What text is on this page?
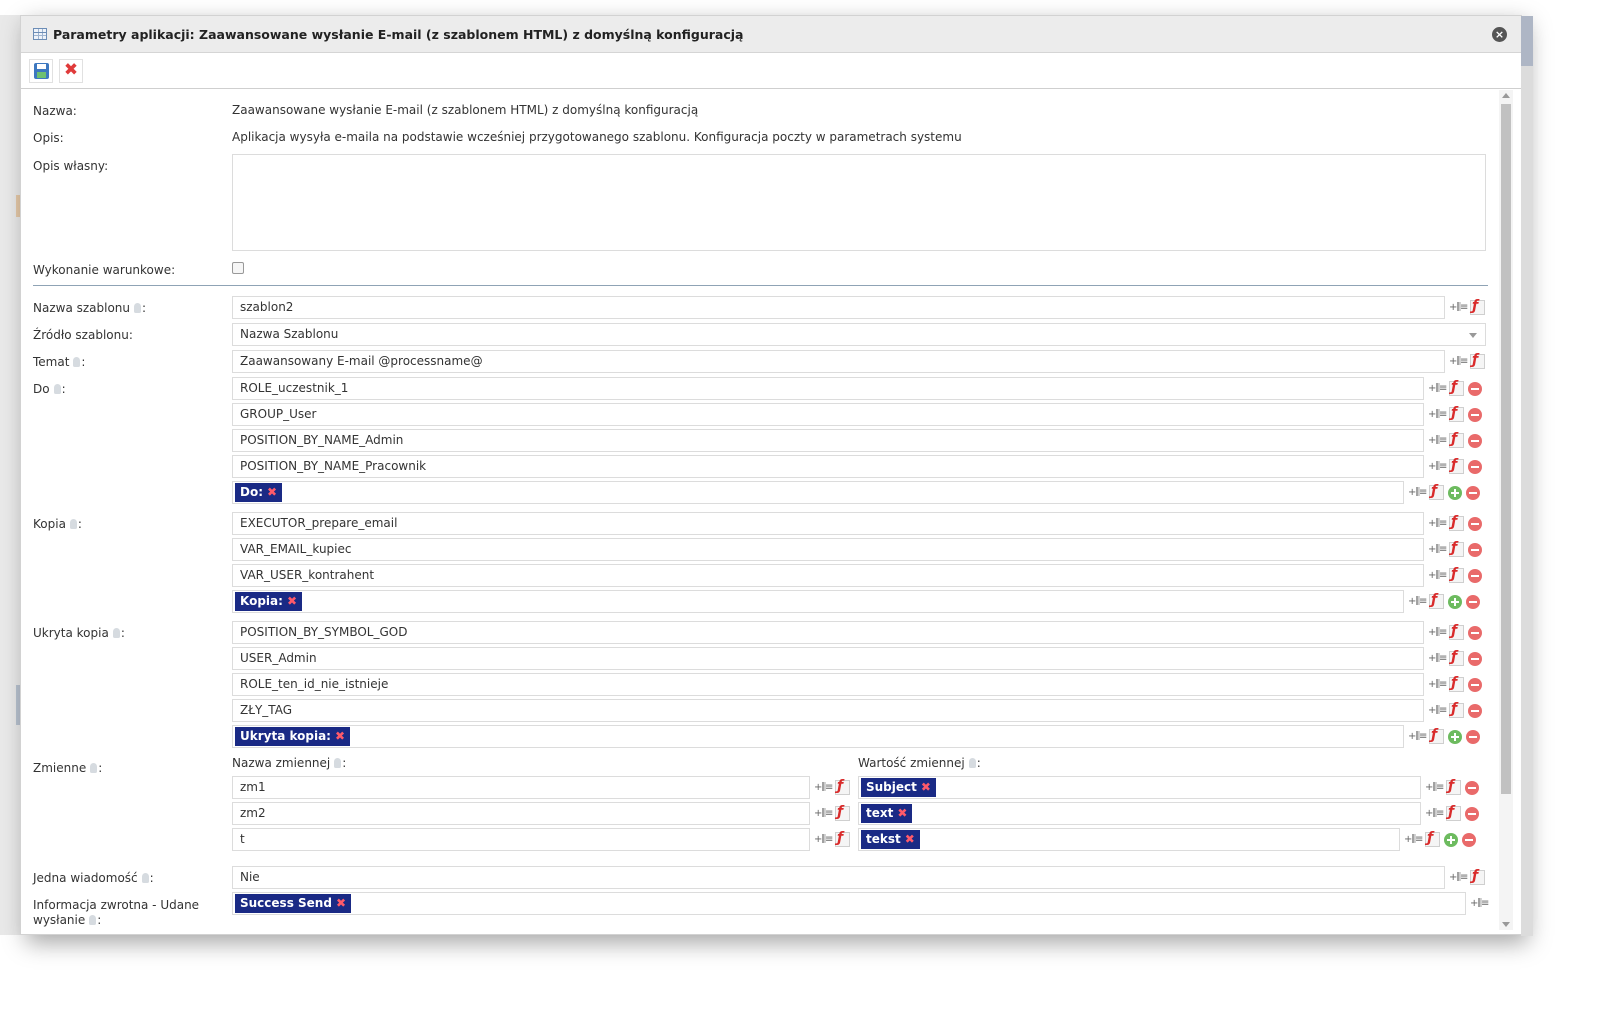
Parametry aplikacji: Zaawansowane wysłanie E-mail (z szablonem HTML) z domyślną konfiguracją	×
✖
Nazwa:	Zaawansowane wysłanie E-mail (z szablonem HTML) z domyślną konfiguracją
Opis:	Aplikacja wysyła e-maila na podstawie wcześniej przygotowanego szablonu. Konfiguracja poczty w parametrach systemu
Opis własny:
Wykonanie warunkowe:
Nazwa szablonu :	szablon2	+⫼≡
ƒ
Źródło szablonu:	Nazwa Szablonu
Temat :	Zaawansowany E-mail @processname@	+⫼≡
ƒ
Do :	ROLE_uczestnik_1	+⫼≡
ƒ
GROUP_User	+⫼≡
ƒ
POSITION_BY_NAME_Admin	+⫼≡
ƒ
POSITION_BY_NAME_Pracownik	+⫼≡
ƒ
Do: ✖	+⫼≡
ƒ
Kopia :	EXECUTOR_prepare_email	+⫼≡
ƒ
VAR_EMAIL_kupiec	+⫼≡
ƒ
VAR_USER_kontrahent	+⫼≡
ƒ
Kopia: ✖	+⫼≡
ƒ
Ukryta kopia :	POSITION_BY_SYMBOL_GOD	+⫼≡
ƒ
USER_Admin	+⫼≡
ƒ
ROLE_ten_id_nie_istnieje	+⫼≡
ƒ
ZŁY_TAG	+⫼≡
ƒ
Ukryta kopia: ✖	+⫼≡
ƒ
Zmienne :	Nazwa zmiennej :	Wartość zmiennej :
zm1	+⫼≡ ƒ	Subject ✖	+⫼≡
ƒ
zm2	+⫼≡ ƒ	text ✖	+⫼≡
ƒ
t	+⫼≡ ƒ	tekst ✖	+⫼≡
ƒ
Jedna wiadomość :	Nie	+⫼≡
ƒ
Informacja zwrotna - Udane wysłanie :
Success Send ✖	+⫼≡
